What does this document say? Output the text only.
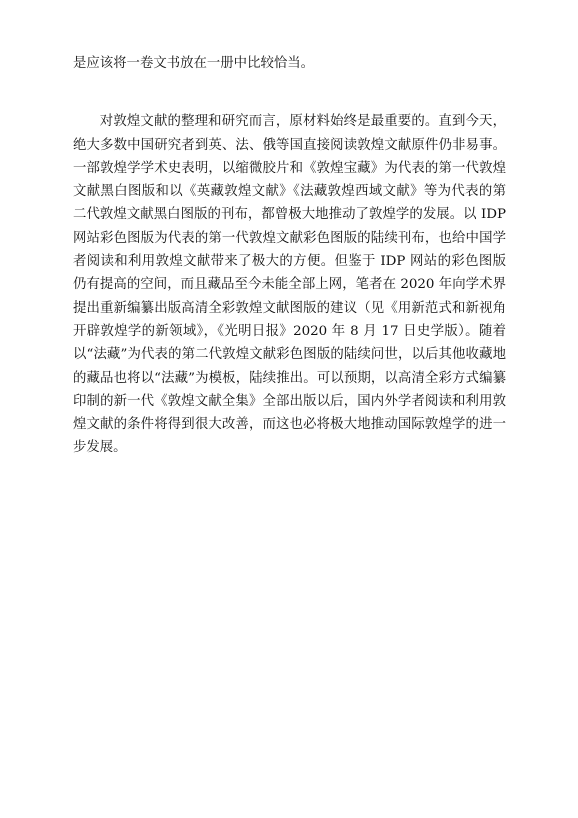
是应该将一卷文书放在一册中比较恰当。

对敦煌文献的整理和研究而言，原材料始终是最重要的。直到今天，绝大多数中国研究者到英、法、俄等国直接阅读敦煌文献原件仍非易事。一部敦煌学学术史表明，以缩微胶片和《敦煌宝藏》为代表的第一代敦煌文献黑白图版和以《英藏敦煌文献》《法藏敦煌西域文献》等为代表的第二代敦煌文献黑白图版的刊布，都曾极大地推动了敦煌学的发展。以 IDP 网站彩色图版为代表的第一代敦煌文献彩色图版的陆续刊布，也给中国学者阅读和利用敦煌文献带来了极大的方便。但鉴于 IDP 网站的彩色图版仍有提高的空间，而且藏品至今未能全部上网，笔者在 2020 年向学术界提出重新编纂出版高清全彩敦煌文献图版的建议（见《用新范式和新视角开辟敦煌学的新领域》，《光明日报》2020 年 8 月 17 日史学版）。随着以“法藏”为代表的第二代敦煌文献彩色图版的陆续问世，以后其他收藏地的藏品也将以“法藏”为模板，陆续推出。可以预期，以高清全彩方式编纂印制的新一代《敦煌文献全集》全部出版以后，国内外学者阅读和利用敦煌文献的条件将得到很大改善，而这也必将极大地推动国际敦煌学的进一步发展。
